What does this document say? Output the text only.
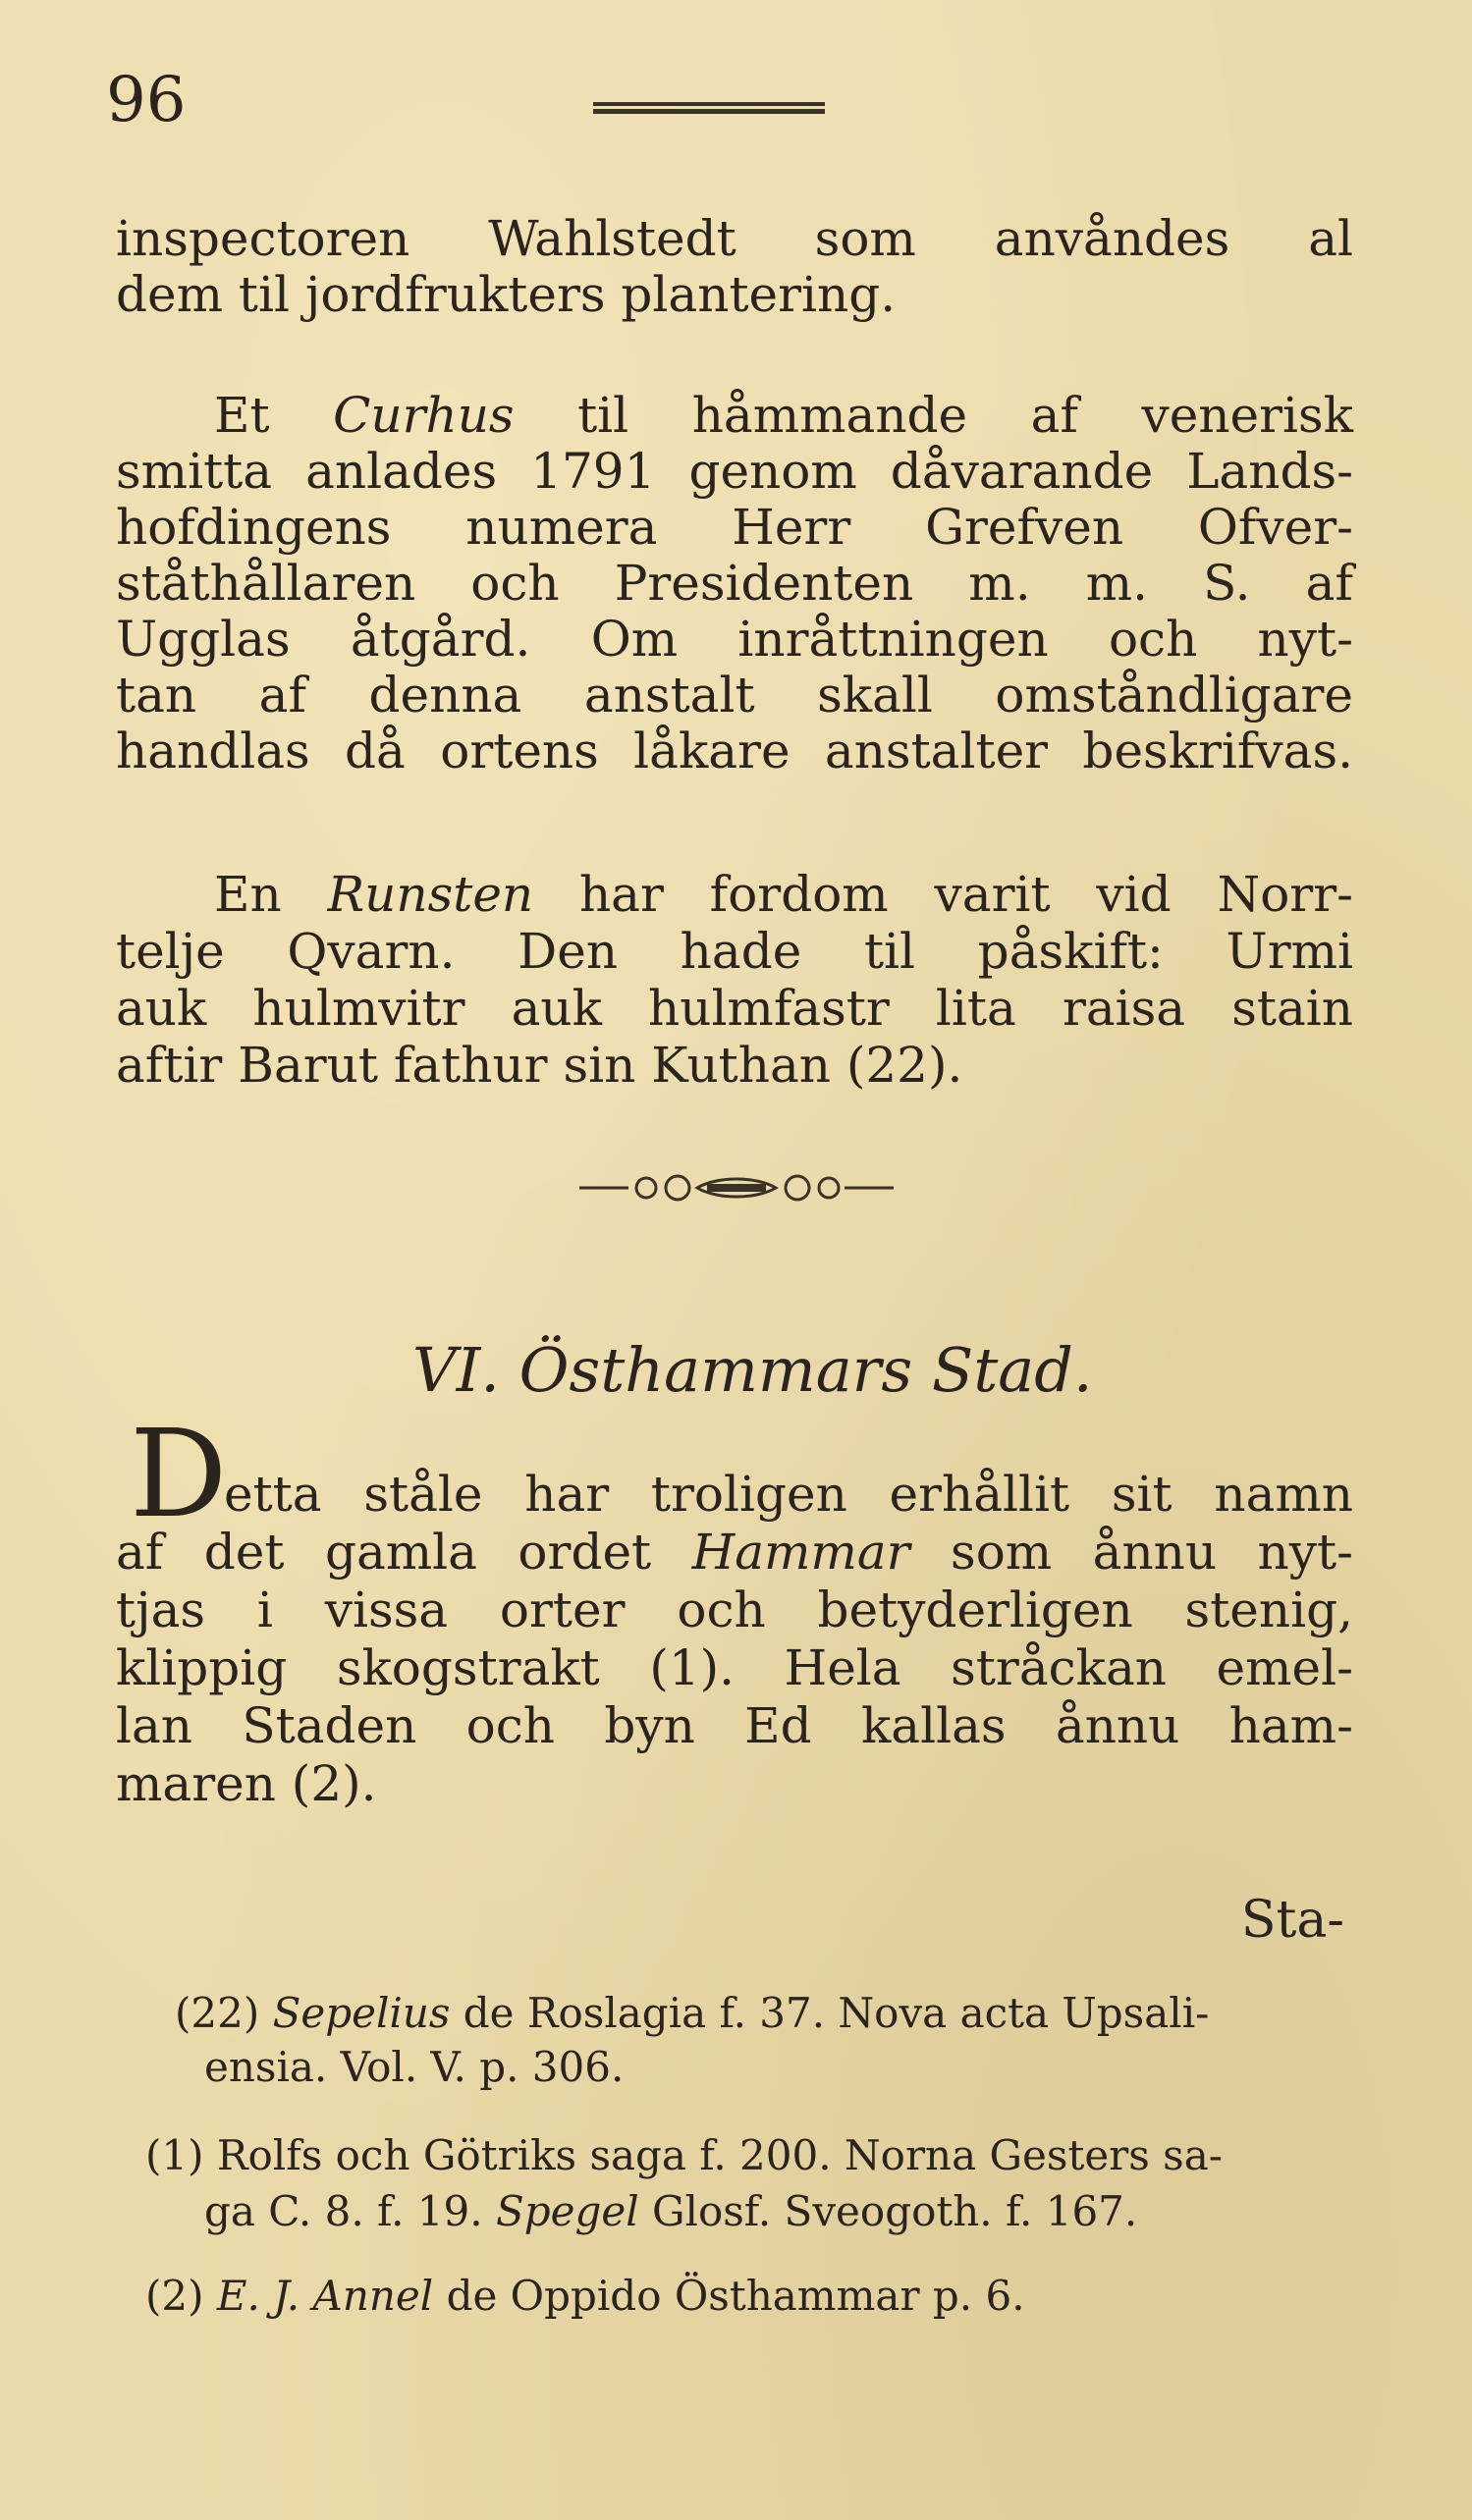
96
inspectoren Wahlstedt som anvåndes al
dem til jordfrukters plantering.
Et Curhus til håmmande af venerisk
smitta anlades 1791 genom dåvarande Lands-
hofdingens numera Herr Grefven Ofver-
ståthållaren och Presidenten m. m. S. af
Ugglas åtgård. Om inråttningen och nyt-
tan af denna anstalt skall omståndligare
handlas då ortens låkare anstalter beskrifvas.
En Runsten har fordom varit vid Norr-
telje Qvarn. Den hade til påskift: Urmi
auk hulmvitr auk hulmfastr lita raisa stain
aftir Barut fathur sin Kuthan (22).
VI. Östhammars Stad.
D
etta ståle har troligen erhållit sit namn
af det gamla ordet Hammar som ånnu nyt-
tjas i vissa orter och betyderligen stenig,
klippig skogstrakt (1). Hela stråckan emel-
lan Staden och byn Ed kallas ånnu ham-
maren (2).
Sta-
(22) Sepelius de Roslagia f. 37. Nova acta Upsali-
ensia. Vol. V. p. 306.
(1) Rolfs och Götriks saga f. 200. Norna Gesters sa-
ga C. 8. f. 19. Spegel Glosf. Sveogoth. f. 167.
(2) E. J. Annel de Oppido Östhammar p. 6.
